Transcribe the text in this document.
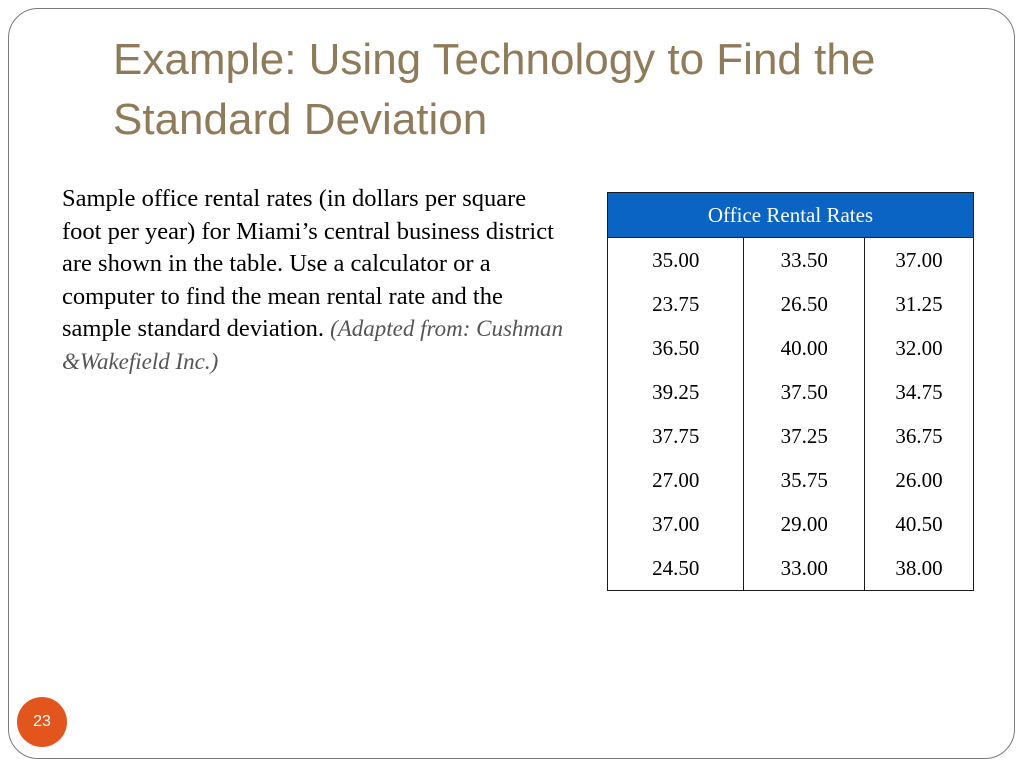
Example: Using Technology to Find the Standard Deviation

Sample office rental rates (in dollars per square foot per year) for Miami’s central business district are shown in the table. Use a calculator or a computer to find the mean rental rate and the sample standard deviation. (Adapted from: Cushman &Wakefield Inc.)

Office Rental Rates		
35.00	33.50	37.00
23.75	26.50	31.25
36.50	40.00	32.00
39.25	37.50	34.75
37.75	37.25	36.75
27.00	35.75	26.00
37.00	29.00	40.50
24.50	33.00	38.00
23
